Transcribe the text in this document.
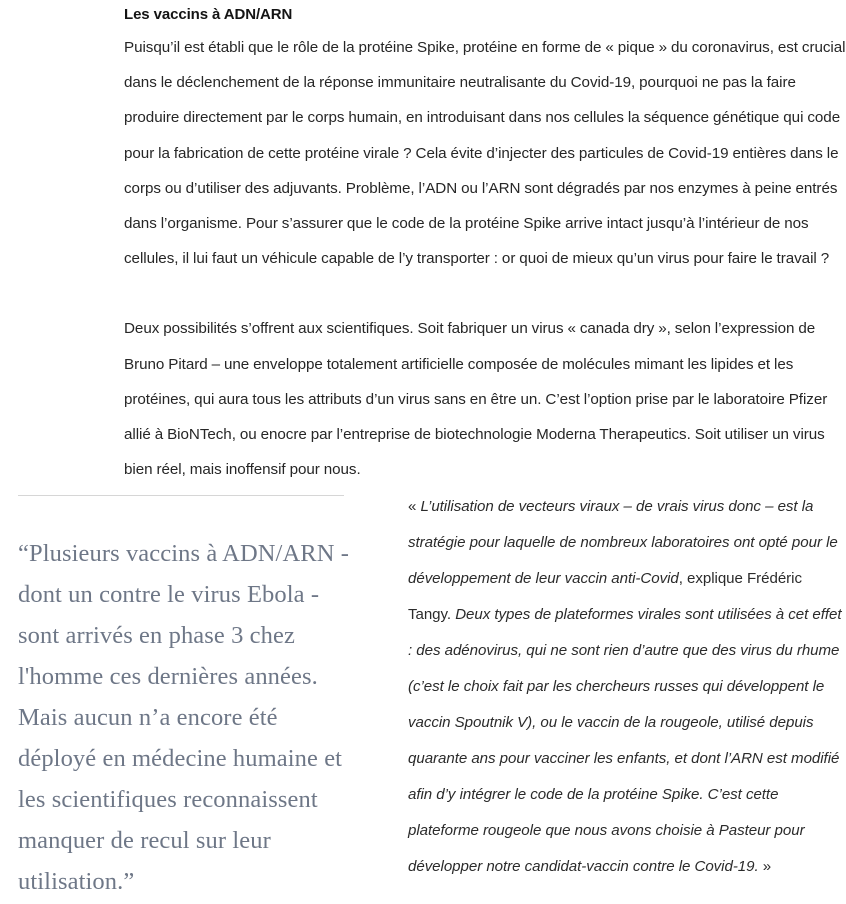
Les vaccins à ADN/ARN

Puisqu’il est établi que le rôle de la protéine Spike, protéine en forme de « pique » du coronavirus, est crucial dans le déclenchement de la réponse immunitaire neutralisante du Covid-19, pourquoi ne pas la faire produire directement par le corps humain, en introduisant dans nos cellules la séquence génétique qui code pour la fabrication de cette protéine virale ? Cela évite d’injecter des particules de Covid-19 entières dans le corps ou d’utiliser des adjuvants. Problème, l’ADN ou l’ARN sont dégradés par nos enzymes à peine entrés dans l’organisme. Pour s’assurer que le code de la protéine Spike arrive intact jusqu’à l’intérieur de nos cellules, il lui faut un véhicule capable de l’y transporter : or quoi de mieux qu’un virus pour faire le travail ?

Deux possibilités s’offrent aux scientifiques. Soit fabriquer un virus « canada dry », selon l’expression de Bruno Pitard – une enveloppe totalement artificielle composée de molécules mimant les lipides et les protéines, qui aura tous les attributs d’un virus sans en être un. C’est l’option prise par le laboratoire Pfizer allié à BioNTech, ou enocre par l’entreprise de biotechnologie Moderna Therapeutics. Soit utiliser un virus bien réel, mais inoffensif pour nous.

“Plusieurs vaccins à ADN/ARN - dont un contre le virus Ebola - sont arrivés en phase 3 chez l'homme ces dernières années. Mais aucun n’a encore été déployé en médecine humaine et les scientifiques reconnaissent manquer de recul sur leur utilisation.”

« L’utilisation de vecteurs viraux – de vrais virus donc – est la stratégie pour laquelle de nombreux laboratoires ont opté pour le développement de leur vaccin anti-Covid, explique Frédéric Tangy. Deux types de plateformes virales sont utilisées à cet effet : des adénovirus, qui ne sont rien d’autre que des virus du rhume (c’est le choix fait par les chercheurs russes qui développent le vaccin Spoutnik V), ou le vaccin de la rougeole, utilisé depuis quarante ans pour vacciner les enfants, et dont l’ARN est modifié afin d’y intégrer le code de la protéine Spike. C’est cette plateforme rougeole que nous avons choisie à Pasteur pour développer notre candidat-vaccin contre le Covid-19. »
